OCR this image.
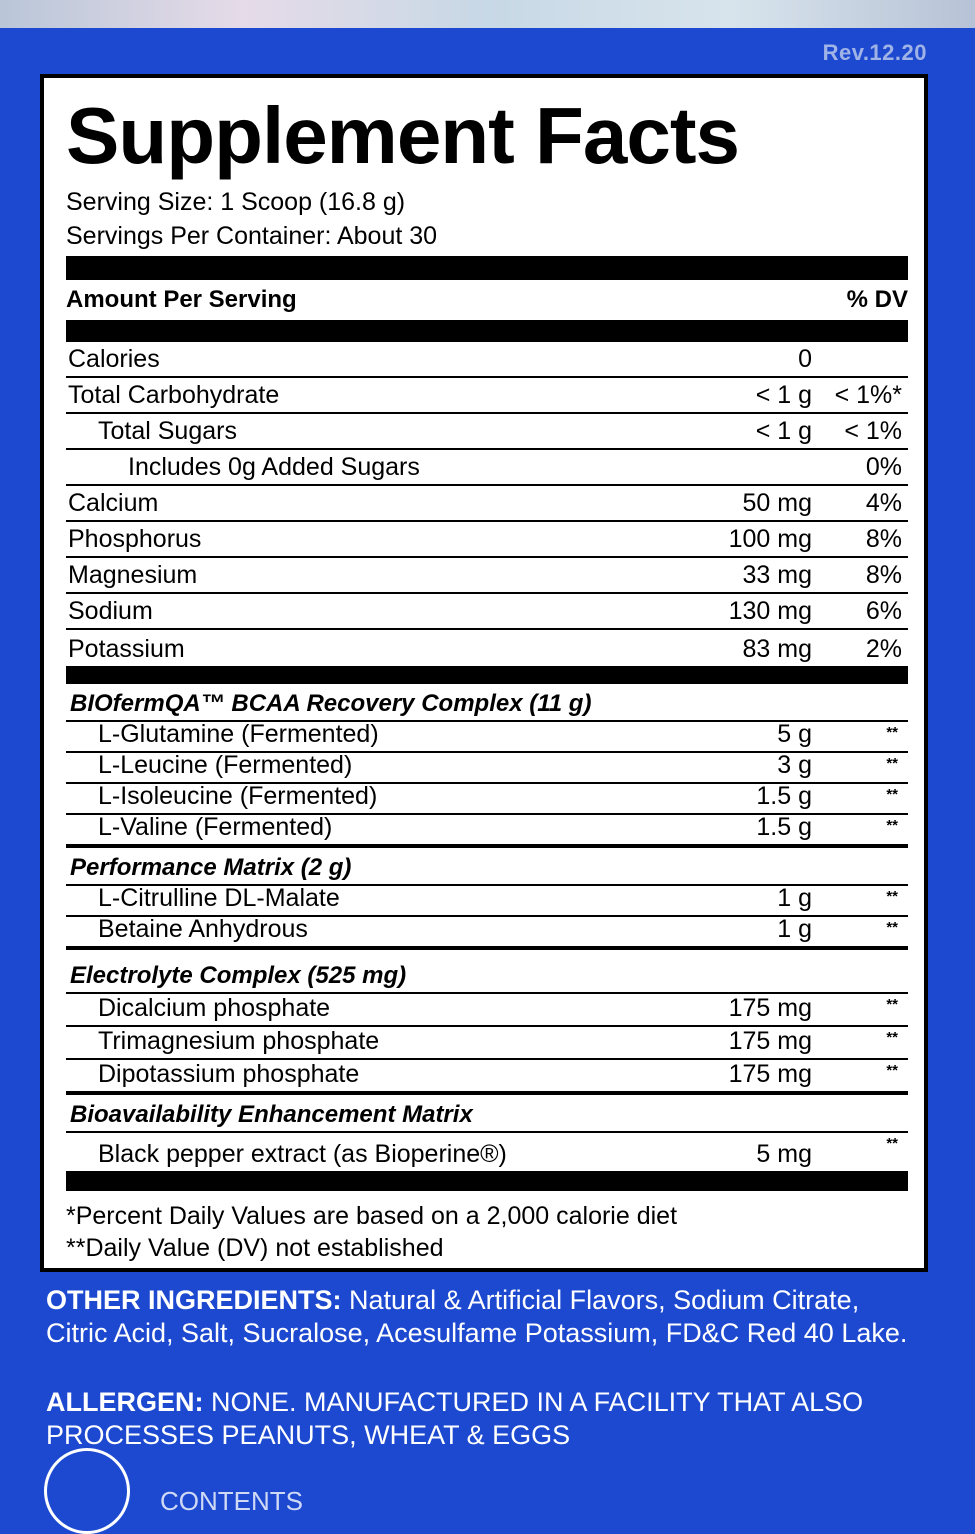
Rev.12.20
Supplement Facts
Serving Size: 1 Scoop (16.8 g)
Servings Per Container: About 30
Amount Per Serving	% DV
Calories	0
Total Carbohydrate	< 1 g < 1%*
Total Sugars	< 1 g < 1%
Includes 0g Added Sugars	0%
Calcium	50 mg 4%
Phosphorus	100 mg 8%
Magnesium	33 mg 8%
Sodium	130 mg 6%
Potassium	83 mg 2%
BIOfermQA™ BCAA Recovery Complex (11 g)
L-Glutamine (Fermented)	5 g	**
L-Leucine (Fermented)	3 g	**
L-Isoleucine (Fermented)	1.5 g	**
L-Valine (Fermented)	1.5 g	**
Performance Matrix (2 g)
L-Citrulline DL-Malate	1 g	**
Betaine Anhydrous	1 g	**
Electrolyte Complex (525 mg)
Dicalcium phosphate	175 mg	**
Trimagnesium phosphate	175 mg	**
Dipotassium phosphate	175 mg	**
Bioavailability Enhancement Matrix
Black pepper extract (as Bioperine®)	5 mg	**
*Percent Daily Values are based on a 2,000 calorie diet
**Daily Value (DV) not established
OTHER INGREDIENTS: Natural & Artificial Flavors, Sodium Citrate, Citric Acid, Salt, Sucralose, Acesulfame Potassium, FD&C Red 40 Lake.
ALLERGEN: NONE. MANUFACTURED IN A FACILITY THAT ALSO PROCESSES PEANUTS, WHEAT & EGGS
CONTENTS
